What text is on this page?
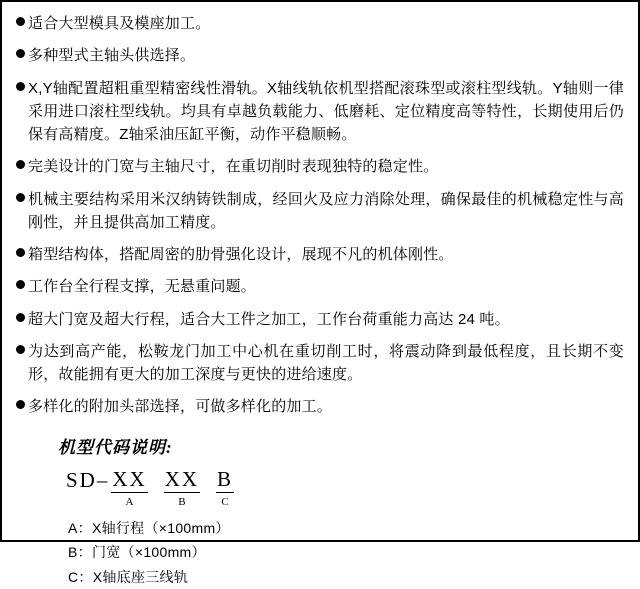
适合大型模具及模座加工。
多种型式主轴头供选择。
X,Y轴配置超粗重型精密线性滑轨。X轴线轨依机型搭配滚珠型或滚柱型线轨。Y轴则一律采用进口滚柱型线轨。均具有卓越负载能力、低磨耗、定位精度高等特性，长期使用后仍保有高精度。Z轴采油压缸平衡，动作平稳顺畅。
完美设计的门宽与主轴尺寸，在重切削时表现独特的稳定性。
机械主要结构采用米汉纳铸铁制成，经回火及应力消除处理，确保最佳的机械稳定性与高刚性，并且提供高加工精度。
箱型结构体，搭配周密的肋骨强化设计，展现不凡的机体刚性。
工作台全行程支撑，无悬重问题。
超大门宽及超大行程，适合大工件之加工，工作台荷重能力高达 24 吨。
为达到高产能，松鞍龙门加工中心机在重切削工时，将震动降到最低程度，且长期不变形，故能拥有更大的加工深度与更快的进给速度。
多样化的附加头部选择，可做多样化的加工。
机型代码说明:
SD– XX
A
XX
B
B
C
A：X轴行程（×100mm）
B：门宽（×100mm）
C：X轴底座三线轨
